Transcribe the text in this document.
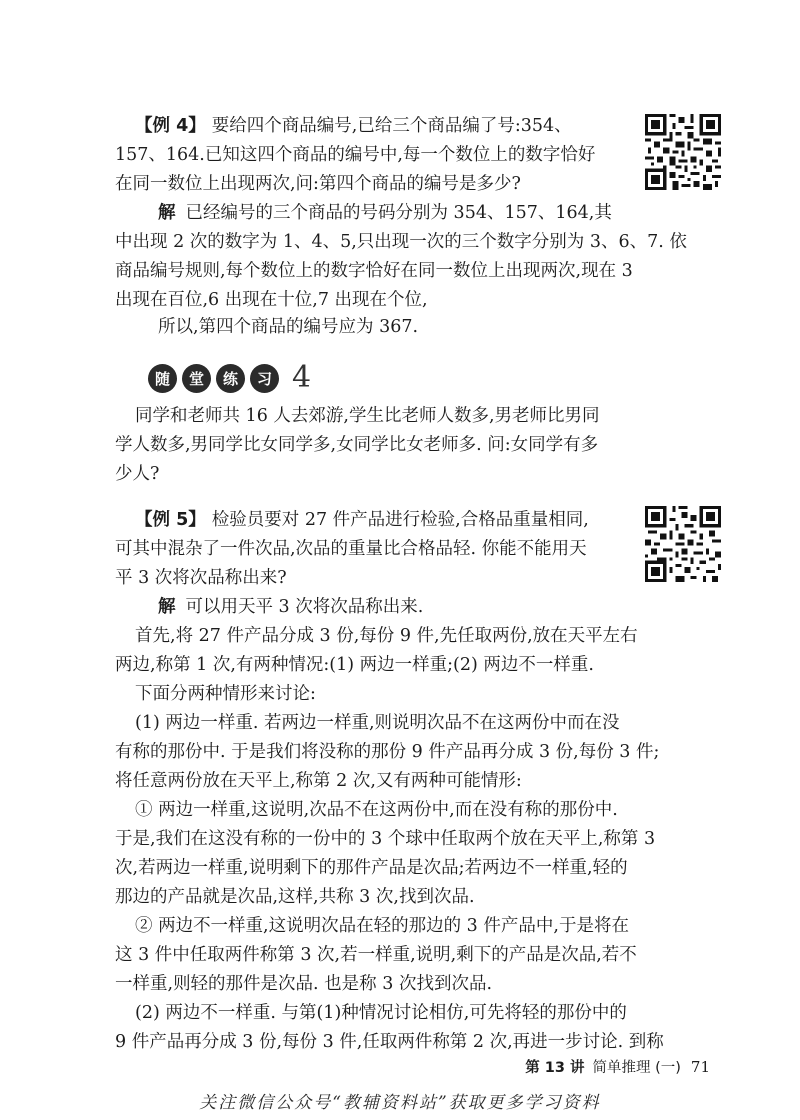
【例 4】 要给四个商品编号,已给三个商品编了号:354、
157、164.已知这四个商品的编号中,每一个数位上的数字恰好
在同一数位上出现两次,问:第四个商品的编号是多少?
解 已经编号的三个商品的号码分别为 354、157、164,其
中出现 2 次的数字为 1、4、5,只出现一次的三个数字分别为 3、6、7. 依
商品编号规则,每个数位上的数字恰好在同一数位上出现两次,现在 3
出现在百位,6 出现在十位,7 出现在个位,
所以,第四个商品的编号应为 367.
随	堂	练	习 4
同学和老师共 16 人去郊游,学生比老师人数多,男老师比男同
学人数多,男同学比女同学多,女同学比女老师多. 问:女同学有多
少人?
【例 5】 检验员要对 27 件产品进行检验,合格品重量相同,
可其中混杂了一件次品,次品的重量比合格品轻. 你能不能用天
平 3 次将次品称出来?
解 可以用天平 3 次将次品称出来.
首先,将 27 件产品分成 3 份,每份 9 件,先任取两份,放在天平左右
两边,称第 1 次,有两种情况:(1) 两边一样重;(2) 两边不一样重.
下面分两种情形来讨论:
(1) 两边一样重. 若两边一样重,则说明次品不在这两份中而在没
有称的那份中. 于是我们将没称的那份 9 件产品再分成 3 份,每份 3 件;
将任意两份放在天平上,称第 2 次,又有两种可能情形:
① 两边一样重,这说明,次品不在这两份中,而在没有称的那份中.
于是,我们在这没有称的一份中的 3 个球中任取两个放在天平上,称第 3
次,若两边一样重,说明剩下的那件产品是次品;若两边不一样重,轻的
那边的产品就是次品,这样,共称 3 次,找到次品.
② 两边不一样重,这说明次品在轻的那边的 3 件产品中,于是将在
这 3 件中任取两件称第 3 次,若一样重,说明,剩下的产品是次品,若不
一样重,则轻的那件是次品. 也是称 3 次找到次品.
(2) 两边不一样重. 与第(1)种情况讨论相仿,可先将轻的那份中的
9 件产品再分成 3 份,每份 3 件,任取两件称第 2 次,再进一步讨论. 到称
第 13 讲 简单推理 (一) 71
关注微信公众号“教辅资料站”获取更多学习资料
